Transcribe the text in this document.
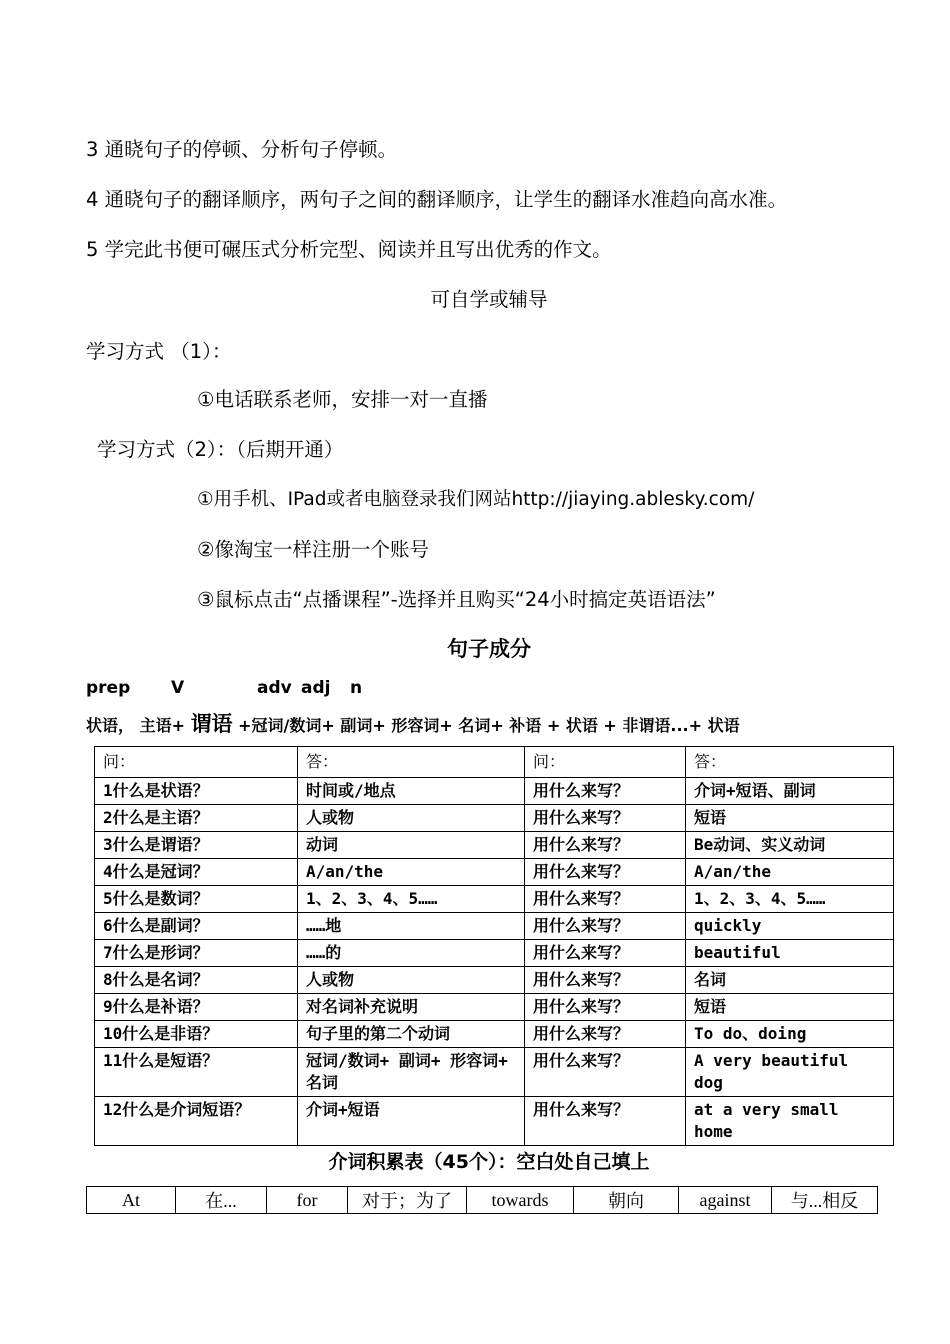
3 通晓句子的停顿、分析句子停顿。
4 通晓句子的翻译顺序，两句子之间的翻译顺序，让学生的翻译水准趋向高水准。
5 学完此书便可碾压式分析完型、阅读并且写出优秀的作文。
可自学或辅导
学习方式 （1）：
①电话联系老师，安排一对一直播
学习方式（2）：（后期开通）
①用手机、IPad或者电脑登录我们网站http://jiaying.ablesky.com/
②像淘宝一样注册一个账号
③鼠标点击“点播课程”-选择并且购买“24小时搞定英语语法”
句子成分
prep V	adv adj n
状语， 主语+ 谓语 +冠词/数词+ 副词+ 形容词+ 名词+ 补语 + 状语 + 非谓语...+ 状语
问：	答：	问：	答：
1什么是状语？	时间或/地点	用什么来写？	介词+短语、副词
2什么是主语？	人或物	用什么来写？	短语
3什么是谓语？	动词	用什么来写？	Be动词、实义动词
4什么是冠词？	A/an/the	用什么来写？	A/an/the
5什么是数词？	1、2、3、4、5……	用什么来写？	1、2、3、4、5……
6什么是副词？	……地	用什么来写？	quickly
7什么是形词？	……的	用什么来写？	beautiful
8什么是名词？	人或物	用什么来写？	名词
9什么是补语？	对名词补充说明	用什么来写？	短语
10什么是非语？	句子里的第二个动词	用什么来写？	To do、doing
11什么是短语？	冠词/数词+ 副词+ 形容词+ 名词	用什么来写？	A very beautiful dog
12什么是介词短语？	介词+短语	用什么来写？	at a very small home
介词积累表（45个）：空白处自己填上
At	在...	for	对于；为了	towards	朝向	against	与...相反
